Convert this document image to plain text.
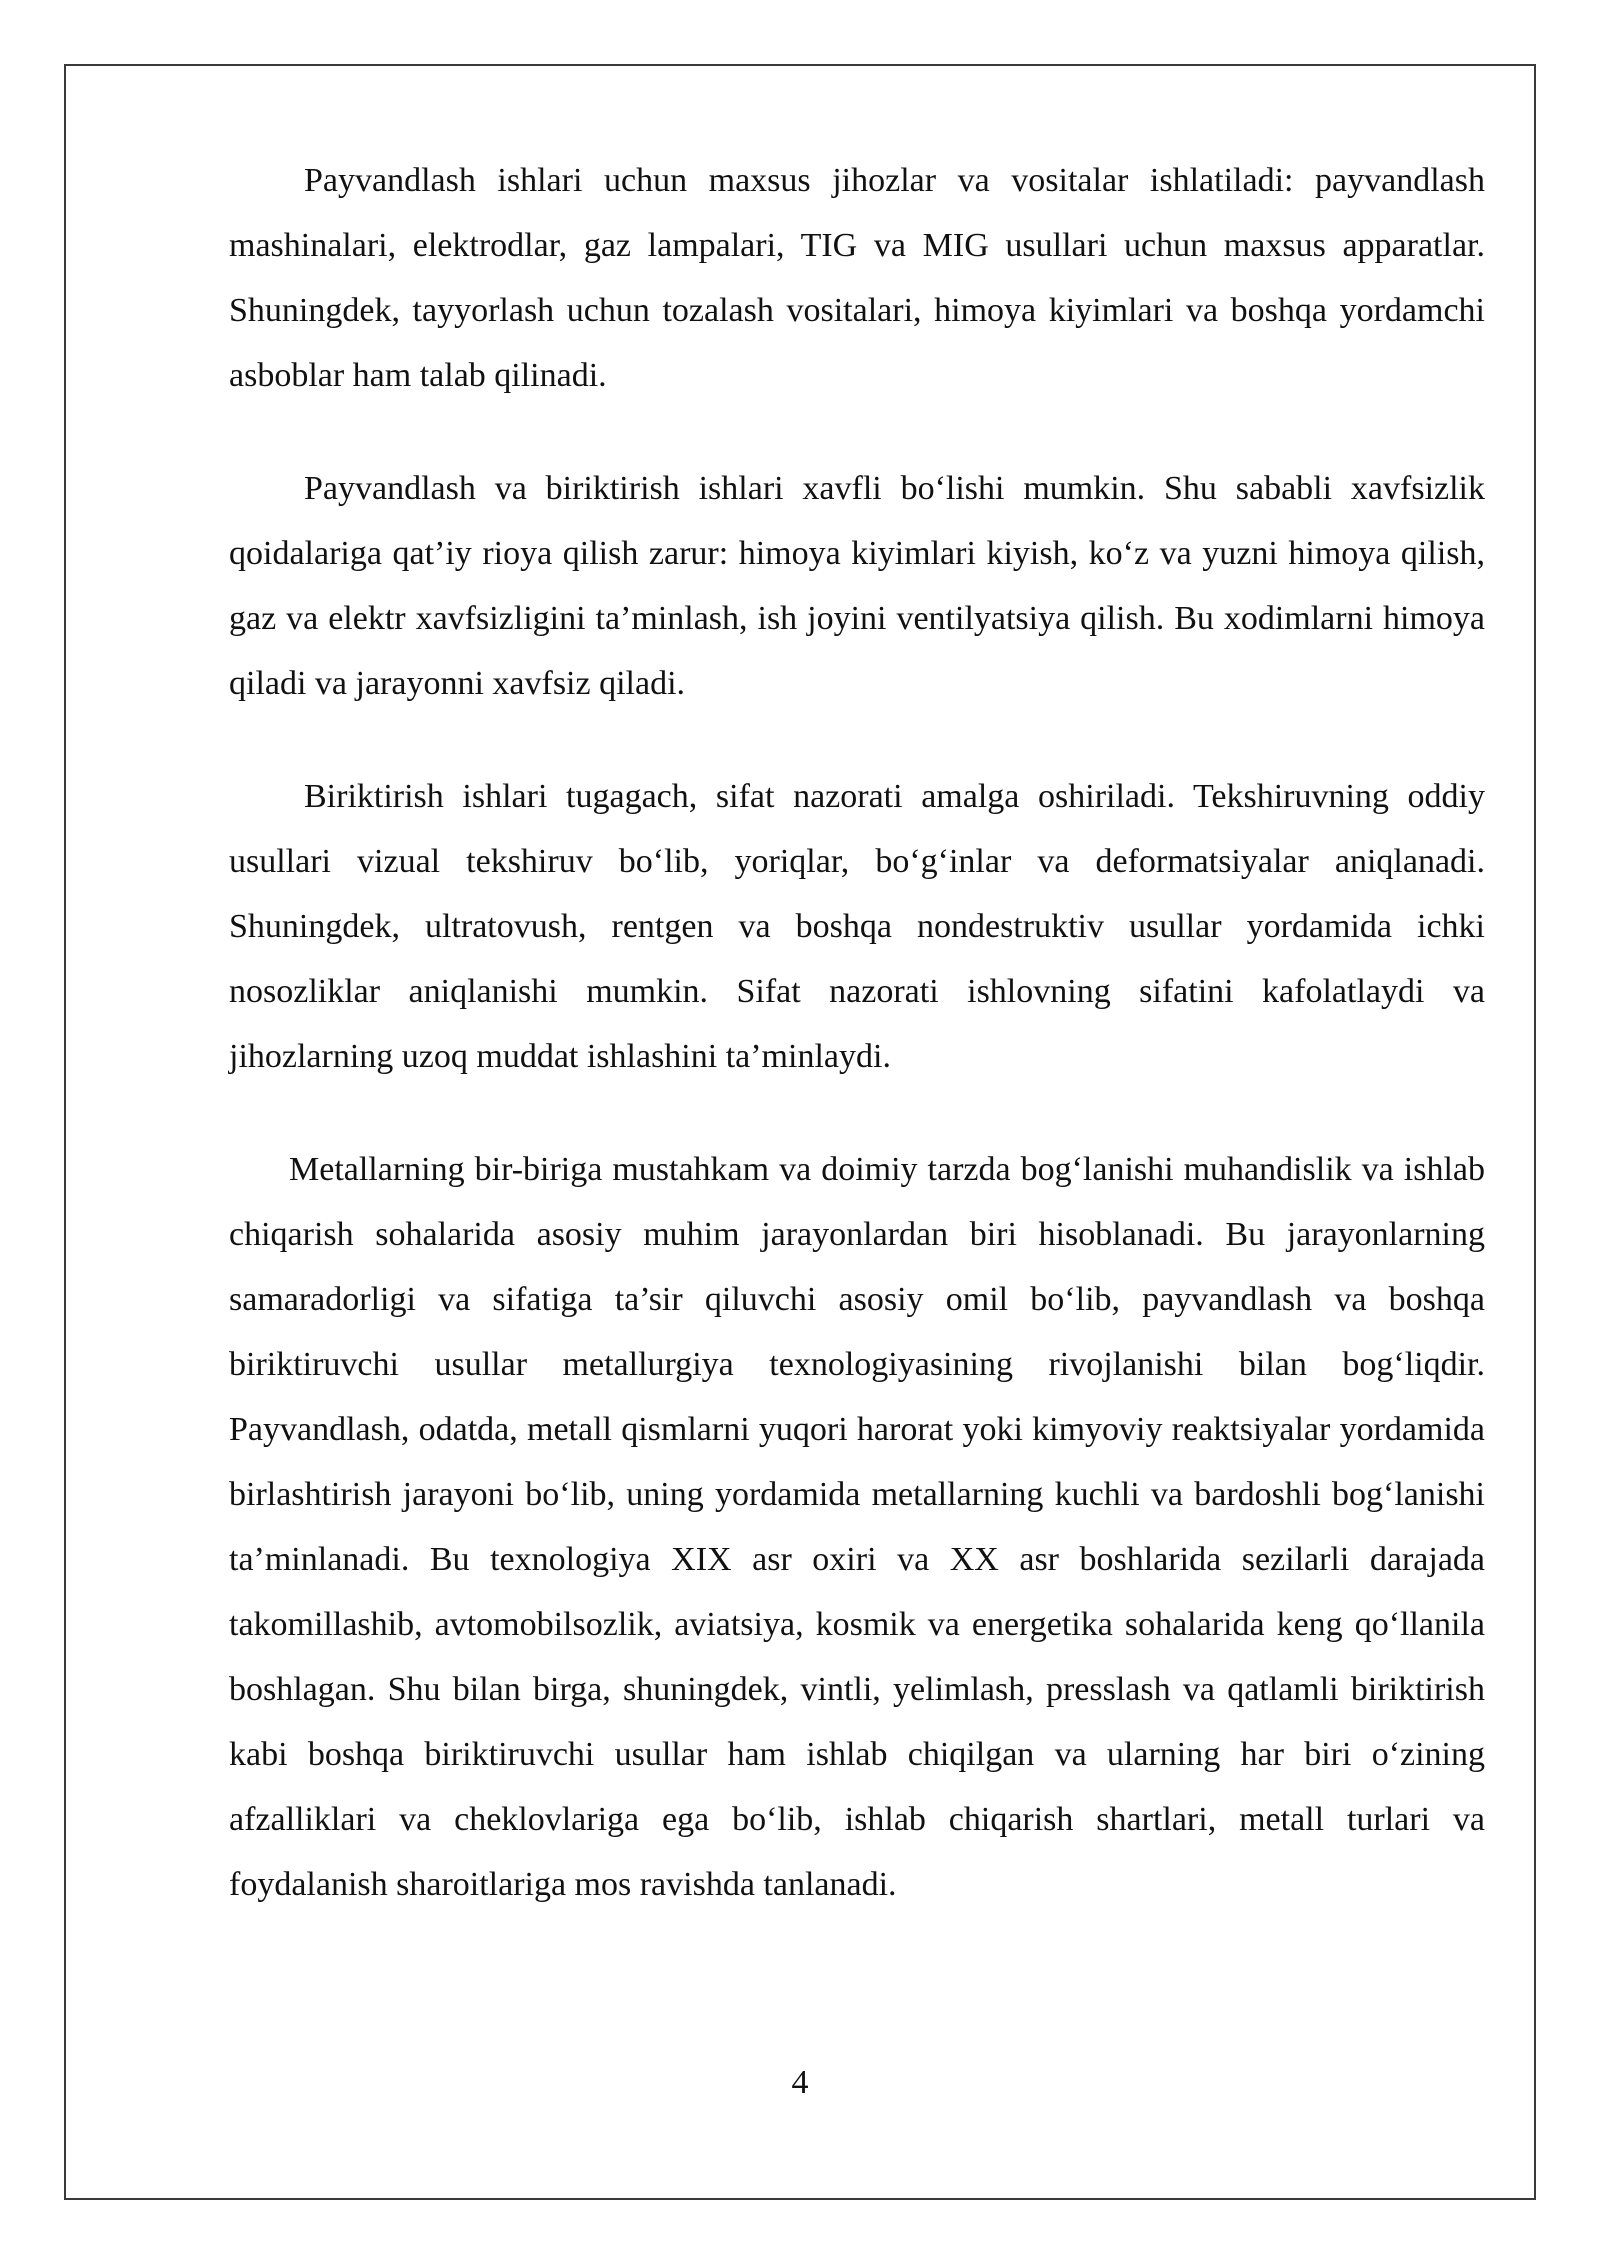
Payvandlash ishlari uchun maxsus jihozlar va vositalar ishlatiladi: payvandlash mashinalari, elektrodlar, gaz lampalari, TIG va MIG usullari uchun maxsus apparatlar. Shuningdek, tayyorlash uchun tozalash vositalari, himoya kiyimlari va boshqa yordamchi asboblar ham talab qilinadi.

Payvandlash va biriktirish ishlari xavfli bo‘lishi mumkin. Shu sababli xavfsizlik qoidalariga qat’iy rioya qilish zarur: himoya kiyimlari kiyish, ko‘z va yuzni himoya qilish, gaz va elektr xavfsizligini ta’minlash, ish joyini ventilyatsiya qilish. Bu xodimlarni himoya qiladi va jarayonni xavfsiz qiladi.

Biriktirish ishlari tugagach, sifat nazorati amalga oshiriladi. Tekshiruvning oddiy usullari vizual tekshiruv bo‘lib, yoriqlar, bo‘g‘inlar va deformatsiyalar aniqlanadi. Shuningdek, ultratovush, rentgen va boshqa nondestruktiv usullar yordamida ichki nosozliklar aniqlanishi mumkin. Sifat nazorati ishlovning sifatini kafolatlaydi va jihozlarning uzoq muddat ishlashini ta’minlaydi.

Metallarning bir-biriga mustahkam va doimiy tarzda bog‘lanishi muhandislik va ishlab chiqarish sohalarida asosiy muhim jarayonlardan biri hisoblanadi. Bu jarayonlarning samaradorligi va sifatiga ta’sir qiluvchi asosiy omil bo‘lib, payvandlash va boshqa biriktiruvchi usullar metallurgiya texnologiyasining rivojlanishi bilan bog‘liqdir. Payvandlash, odatda, metall qismlarni yuqori harorat yoki kimyoviy reaktsiyalar yordamida birlashtirish jarayoni bo‘lib, uning yordamida metallarning kuchli va bardoshli bog‘lanishi ta’minlanadi. Bu texnologiya XIX asr oxiri va XX asr boshlarida sezilarli darajada takomillashib, avtomobilsozlik, aviatsiya, kosmik va energetika sohalarida keng qo‘llanila boshlagan. Shu bilan birga, shuningdek, vintli, yelimlash, presslash va qatlamli biriktirish kabi boshqa biriktiruvchi usullar ham ishlab chiqilgan va ularning har biri o‘zining afzalliklari va cheklovlariga ega bo‘lib, ishlab chiqarish shartlari, metall turlari va foydalanish sharoitlariga mos ravishda tanlanadi.

4
